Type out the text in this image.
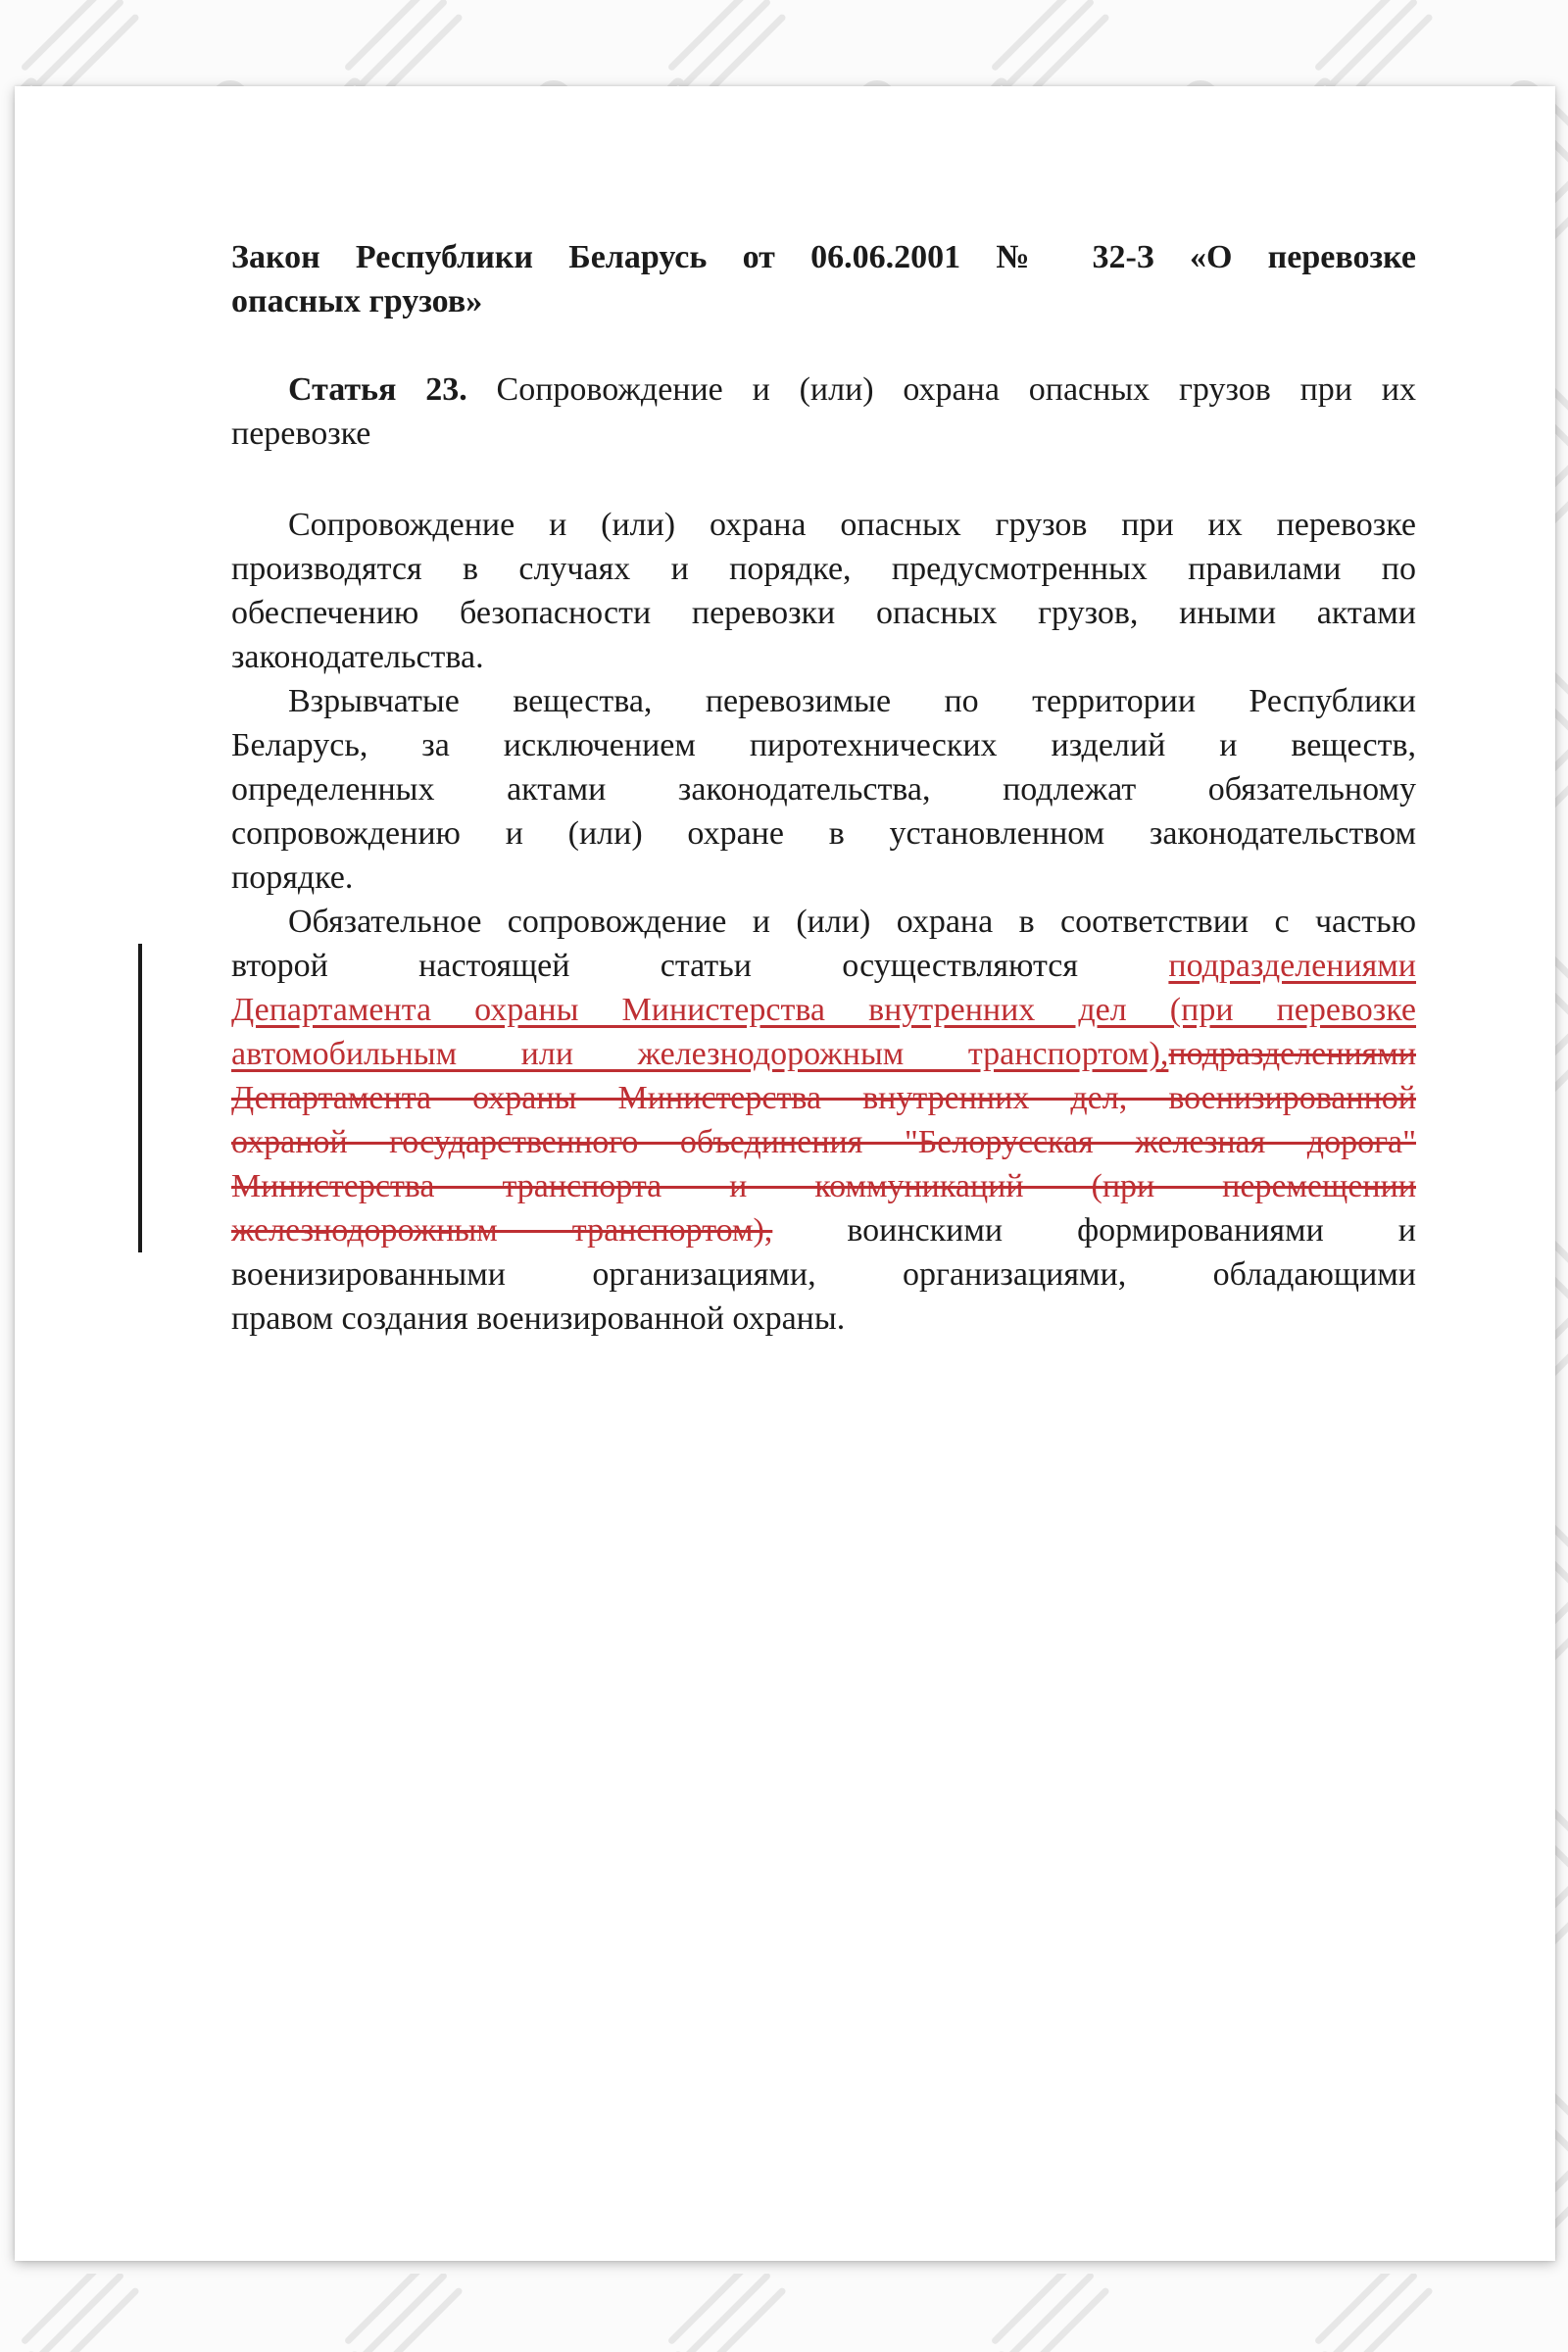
Закон Республики Беларусь от 06.06.2001 № 32-З «О перевозке
опасных грузов»
Статья 23. Сопровождение и (или) охрана опасных грузов при их
перевозке
Сопровождение и (или) охрана опасных грузов при их перевозке
производятся в случаях и порядке, предусмотренных правилами по
обеспечению безопасности перевозки опасных грузов, иными актами
законодательства.
Взрывчатые вещества, перевозимые по территории Республики
Беларусь, за исключением пиротехнических изделий и веществ,
определенных актами законодательства, подлежат обязательному
сопровождению и (или) охране в установленном законодательством
порядке.
Обязательное сопровождение и (или) охрана в соответствии с частью
второй настоящей статьи осуществляются подразделениями
Департамента охраны Министерства внутренних дел (при перевозке
автомобильным или железнодорожным транспортом),подразделениями
Департамента охраны Министерства внутренних дел, военизированной
охраной государственного объединения "Белорусская железная дорога"
Министерства транспорта и коммуникаций (при перемещении
железнодорожным транспортом), воинскими формированиями и
военизированными организациями, организациями, обладающими
правом создания военизированной охраны.
